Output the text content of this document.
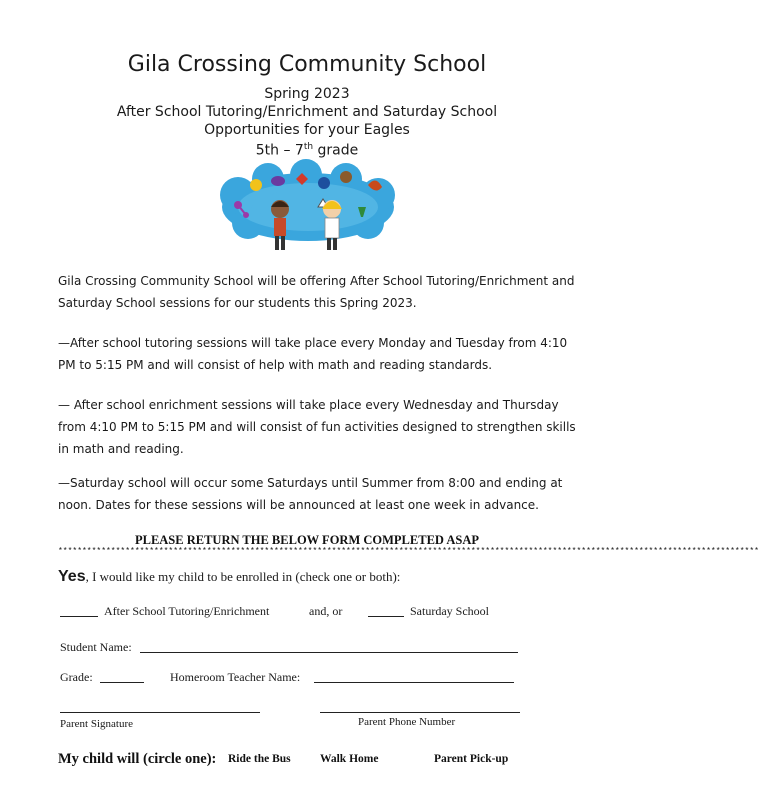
Gila Crossing Community School
Spring 2023
After School Tutoring/Enrichment and Saturday School
Opportunities for your Eagles
5th – 7th grade
Gila Crossing Community School will be offering After School Tutoring/Enrichment and Saturday School sessions for our students this Spring 2023.
—After school tutoring sessions will take place every Monday and Tuesday from 4:10 PM to 5:15 PM and will consist of help with math and reading standards.
— After school enrichment sessions will take place every Wednesday and Thursday from 4:10 PM to 5:15 PM and will consist of fun activities designed to strengthen skills in math and reading.
—Saturday school will occur some Saturdays until Summer from 8:00 and ending at noon. Dates for these sessions will be announced at least one week in advance.
PLEASE RETURN THE BELOW FORM COMPLETED ASAP
**************************************************************************************************************************************************
Yes, I would like my child to be enrolled in (check one or both):
After School Tutoring/Enrichment	and, or	Saturday School
Student Name:
Grade:	Homeroom Teacher Name:
Parent Signature	Parent Phone Number
My child will (circle one): Ride the Bus	Walk Home	Parent Pick-up
